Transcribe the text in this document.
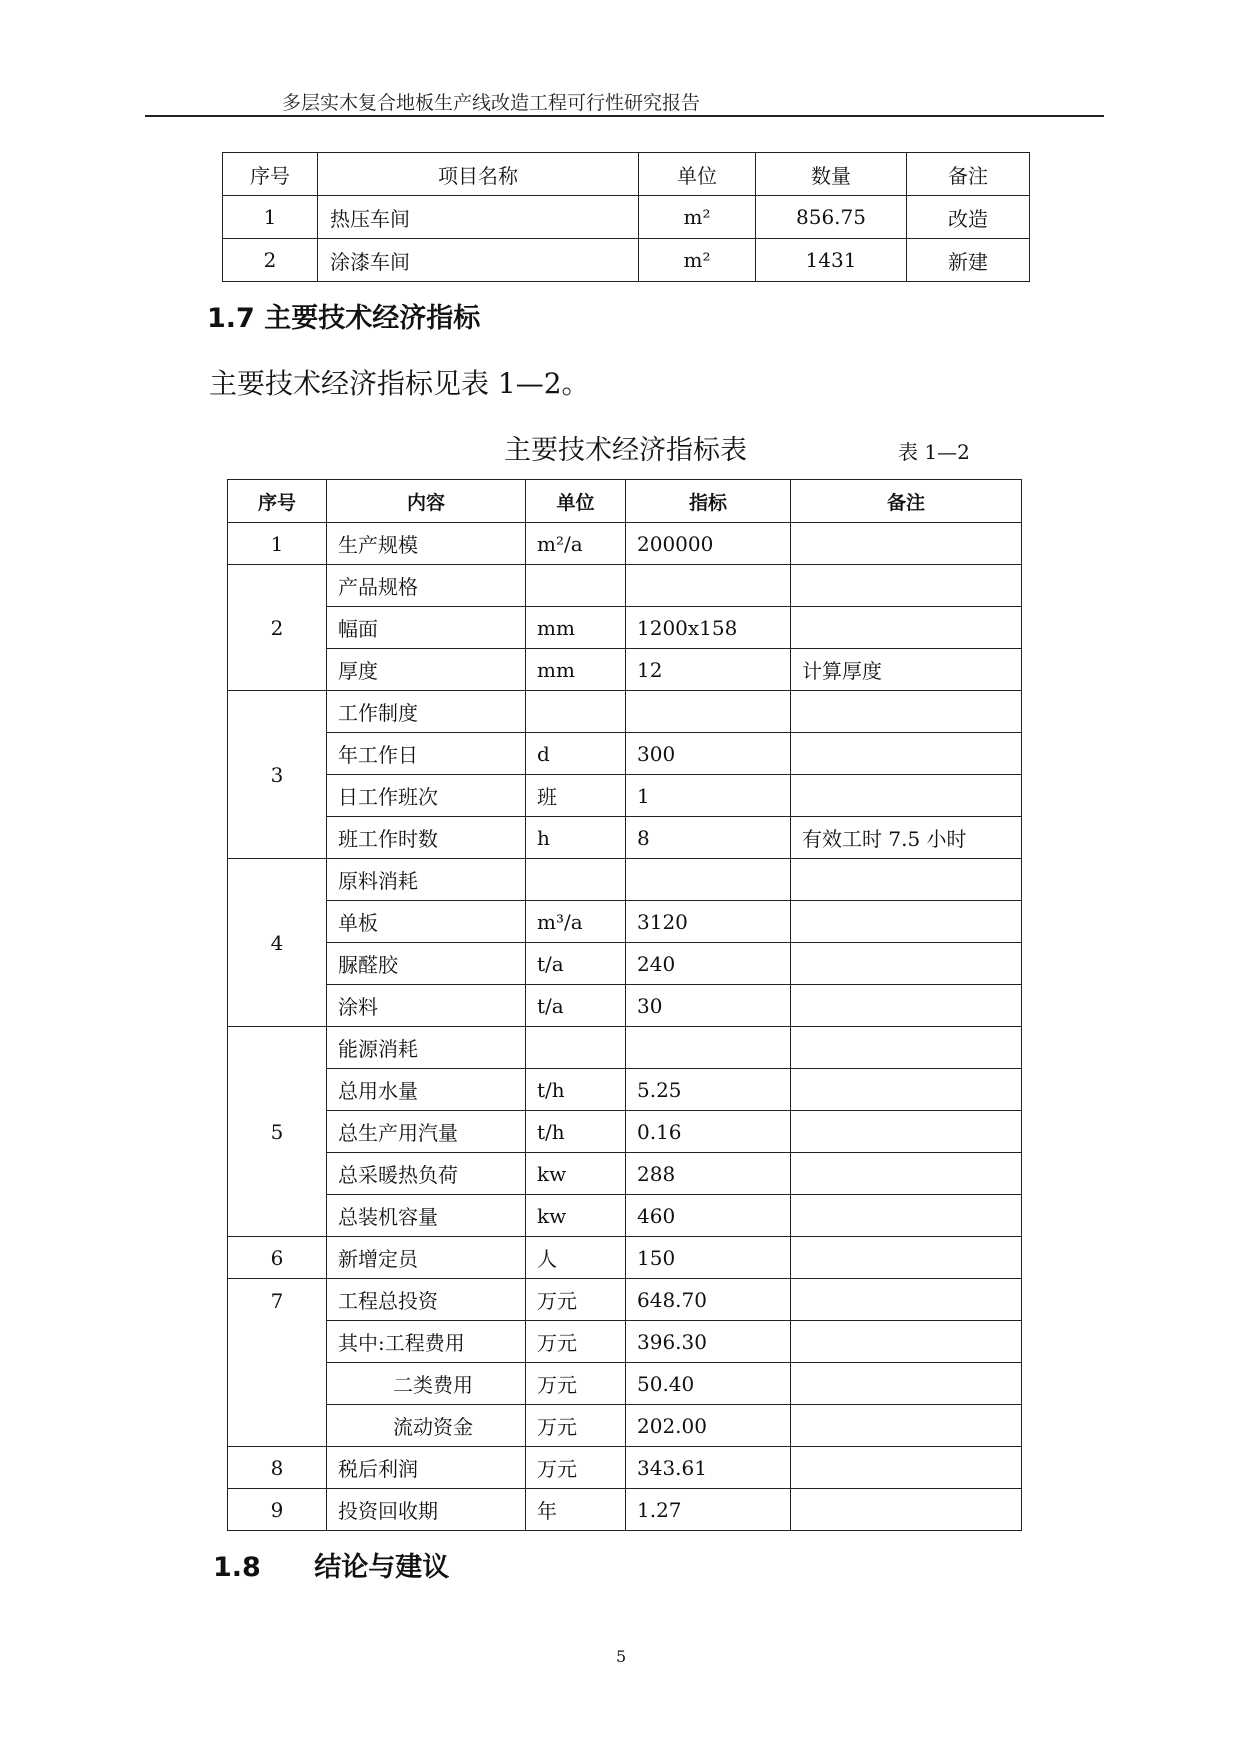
多层实木复合地板生产线改造工程可行性研究报告
序号	项目名称	单位	数量	备注
1	热压车间	m²	856.75	改造
2	涂漆车间	m²	1431	新建
1.7 主要技术经济指标
主要技术经济指标见表 1—2。
主要技术经济指标表	表 1—2
序号	内容	单位	指标	备注
1	生产规模	m²/a	200000	
2	产品规格			
	幅面	mm	1200x158	
	厚度	mm	12	计算厚度
3	工作制度			
	年工作日	d	300	
	日工作班次	班	1	
	班工作时数	h	8	有效工时 7.5 小时
4	原料消耗			
	单板	m³/a	3120	
	脲醛胶	t/a	240	
	涂料	t/a	30	
5	能源消耗			
	总用水量	t/h	5.25	
	总生产用汽量	t/h	0.16	
	总采暖热负荷	kw	288	
	总装机容量	kw	460	
6	新增定员	人	150	
7	工程总投资	万元	648.70	
	其中:工程费用	万元	396.30	
	二类费用	万元	50.40	
	流动资金	万元	202.00	
8	税后利润	万元	343.61	
9	投资回收期	年	1.27	
1.8 结论与建议
5
